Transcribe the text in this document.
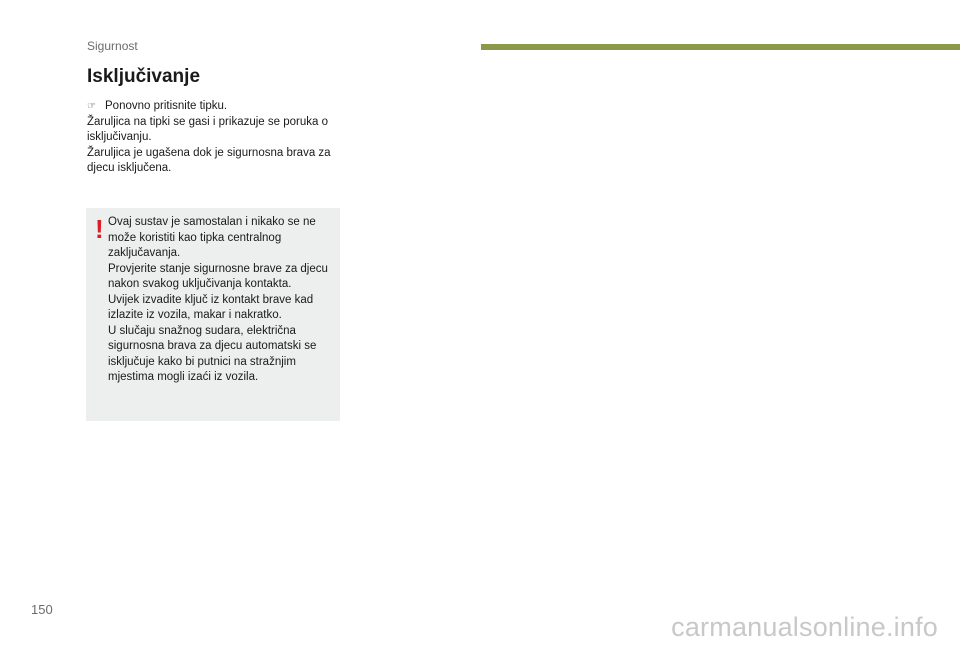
Sigurnost
Isključivanje
☞ Ponovno pritisnite tipku.

Žaruljica na tipki se gasi i prikazuje se poruka o isključivanju.

Žaruljica je ugašena dok je sigurnosna brava za djecu isključena.

! Ovaj sustav je samostalan i nikako se ne može koristiti kao tipka centralnog zaključavanja.

Provjerite stanje sigurnosne brave za djecu nakon svakog uključivanja kontakta.

Uvijek izvadite ključ iz kontakt brave kad izlazite iz vozila, makar i nakratko.

U slučaju snažnog sudara, električna sigurnosna brava za djecu automatski se isključuje kako bi putnici na stražnjim mjestima mogli izaći iz vozila.

150
carmanualsonline.info
